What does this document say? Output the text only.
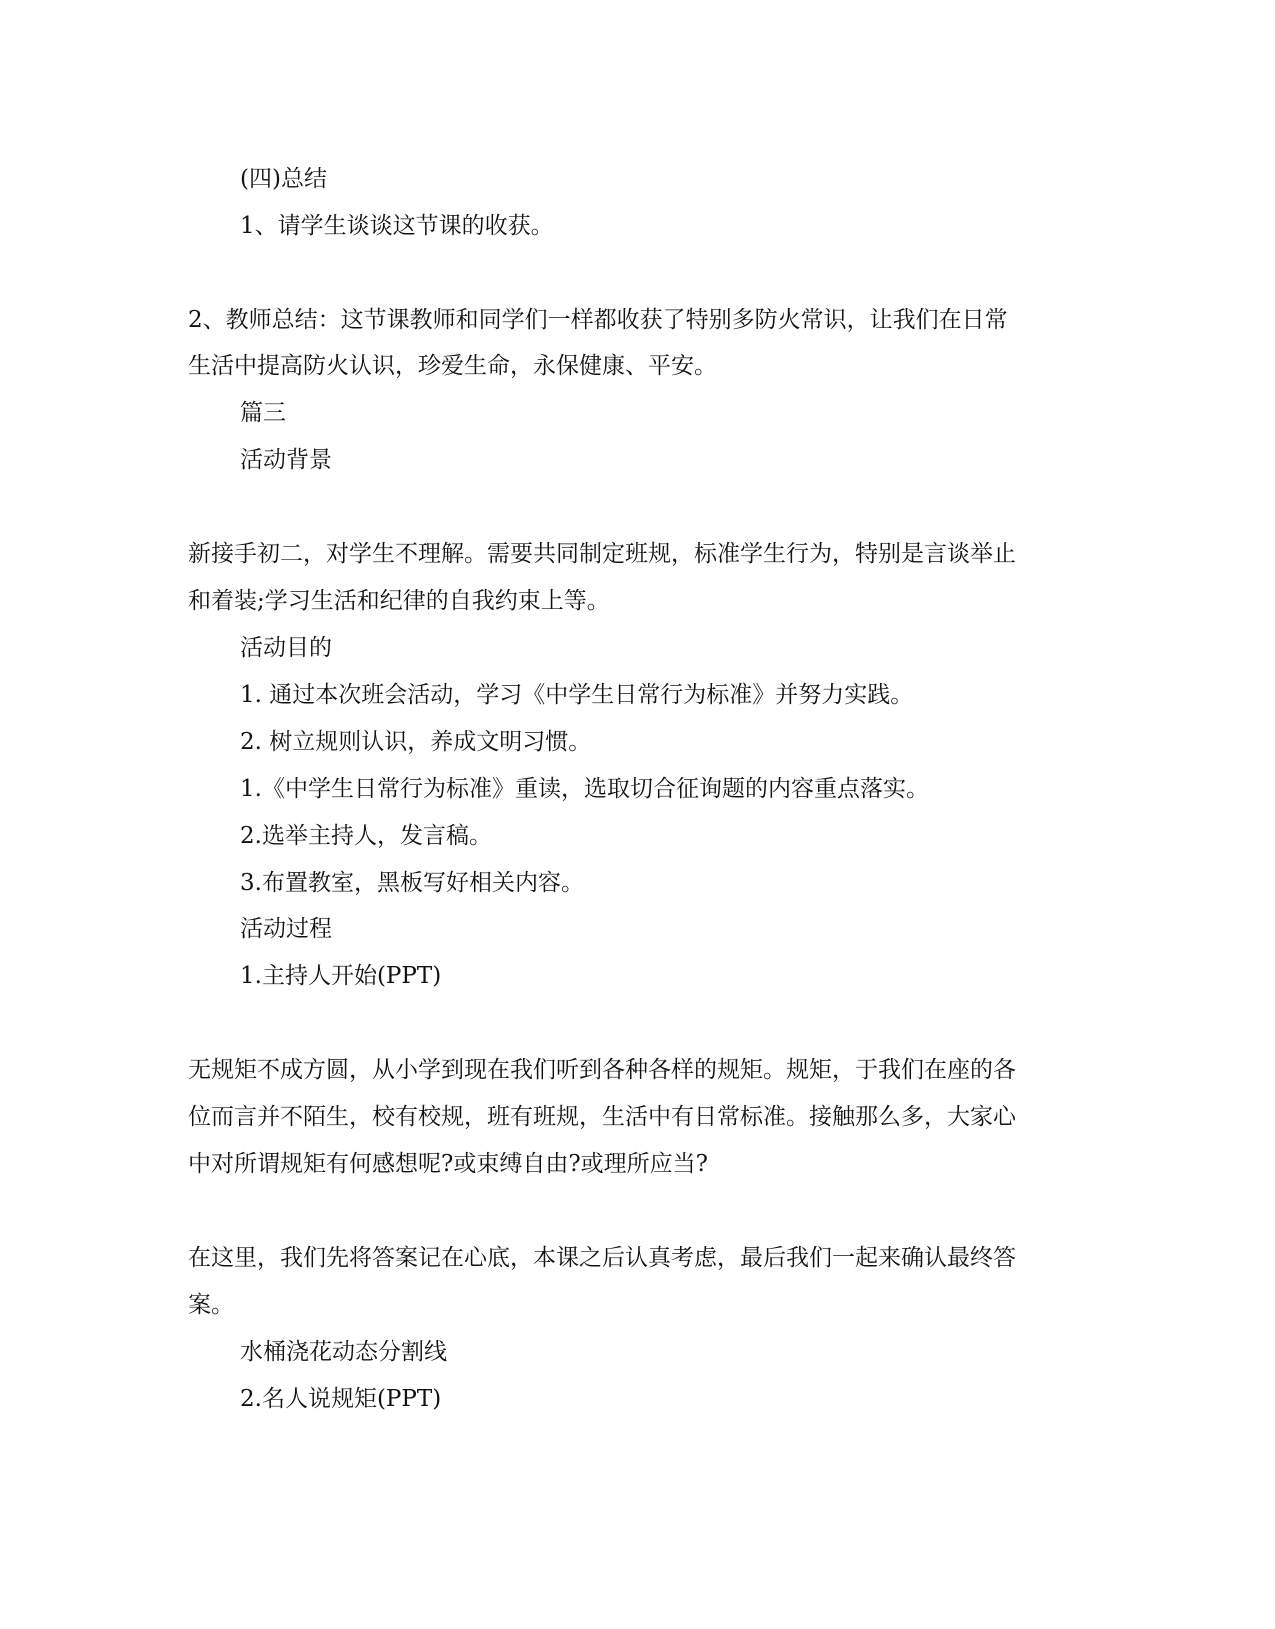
(四)总结
1、请学生谈谈这节课的收获。
2、教师总结：这节课教师和同学们一样都收获了特别多防火常识，让我们在日常
生活中提高防火认识，珍爱生命，永保健康、平安。
篇三
活动背景
新接手初二，对学生不理解。需要共同制定班规，标准学生行为，特别是言谈举止
和着装;学习生活和纪律的自我约束上等。
活动目的
1. 通过本次班会活动，学习《中学生日常行为标准》并努力实践。
2. 树立规则认识，养成文明习惯。
1.《中学生日常行为标准》重读，选取切合征询题的内容重点落实。
2.选举主持人，发言稿。
3.布置教室，黑板写好相关内容。
活动过程
1.主持人开始(PPT)
无规矩不成方圆，从小学到现在我们听到各种各样的规矩。规矩，于我们在座的各
位而言并不陌生，校有校规，班有班规，生活中有日常标准。接触那么多，大家心
中对所谓规矩有何感想呢?或束缚自由?或理所应当?
在这里，我们先将答案记在心底，本课之后认真考虑，最后我们一起来确认最终答
案。
水桶浇花动态分割线
2.名人说规矩(PPT)
